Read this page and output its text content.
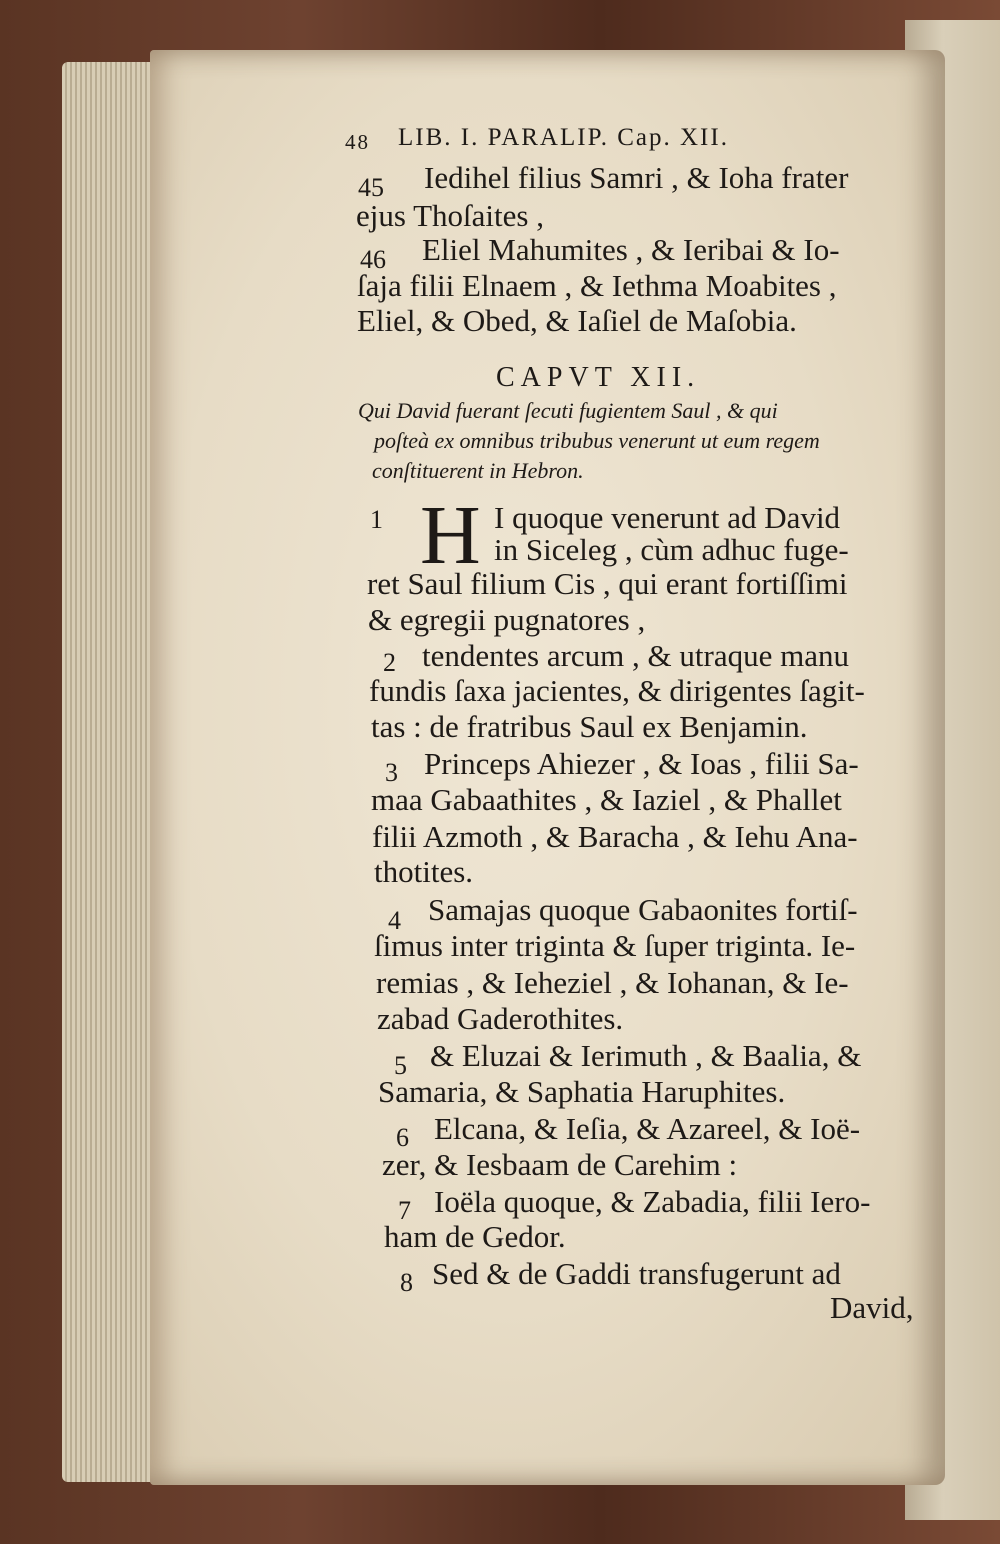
48 LIB. I. PARALIP. Cap. XII.
45 Iedihel filius Samri , & Ioha frater
ejus Thoſaites ,
46 Eliel Mahumites , & Ieribai & Io-
ſaja filii Elnaem , & Iethma Moabites ,
Eliel, & Obed, & Iaſiel de Maſobia.
CAPVT XII.
Qui David fuerant ſecuti fugientem Saul , & qui
poſteà ex omnibus tribubus venerunt ut eum regem
conſtituerent in Hebron.
1 H I quoque venerunt ad David
in Siceleg , cùm adhuc fuge-
ret Saul filium Cis , qui erant fortiſſimi
& egregii pugnatores ,
2 tendentes arcum , & utraque manu
fundis ſaxa jacientes, & dirigentes ſagit-
tas : de fratribus Saul ex Benjamin.
3 Princeps Ahiezer , & Ioas , filii Sa-
maa Gabaathites , & Iaziel , & Phallet
filii Azmoth , & Baracha , & Iehu Ana-
thotites.
4 Samajas quoque Gabaonites fortiſ-
ſimus inter triginta & ſuper triginta. Ie-
remias , & Ieheziel , & Iohanan, & Ie-
zabad Gaderothites.
5 & Eluzai & Ierimuth , & Baalia, &
Samaria, & Saphatia Haruphites.
6 Elcana, & Ieſia, & Azareel, & Ioë-
zer, & Iesbaam de Carehim :
7 Ioëla quoque, & Zabadia, filii Iero-
ham de Gedor.
8 Sed & de Gaddi transfugerunt ad
David,
